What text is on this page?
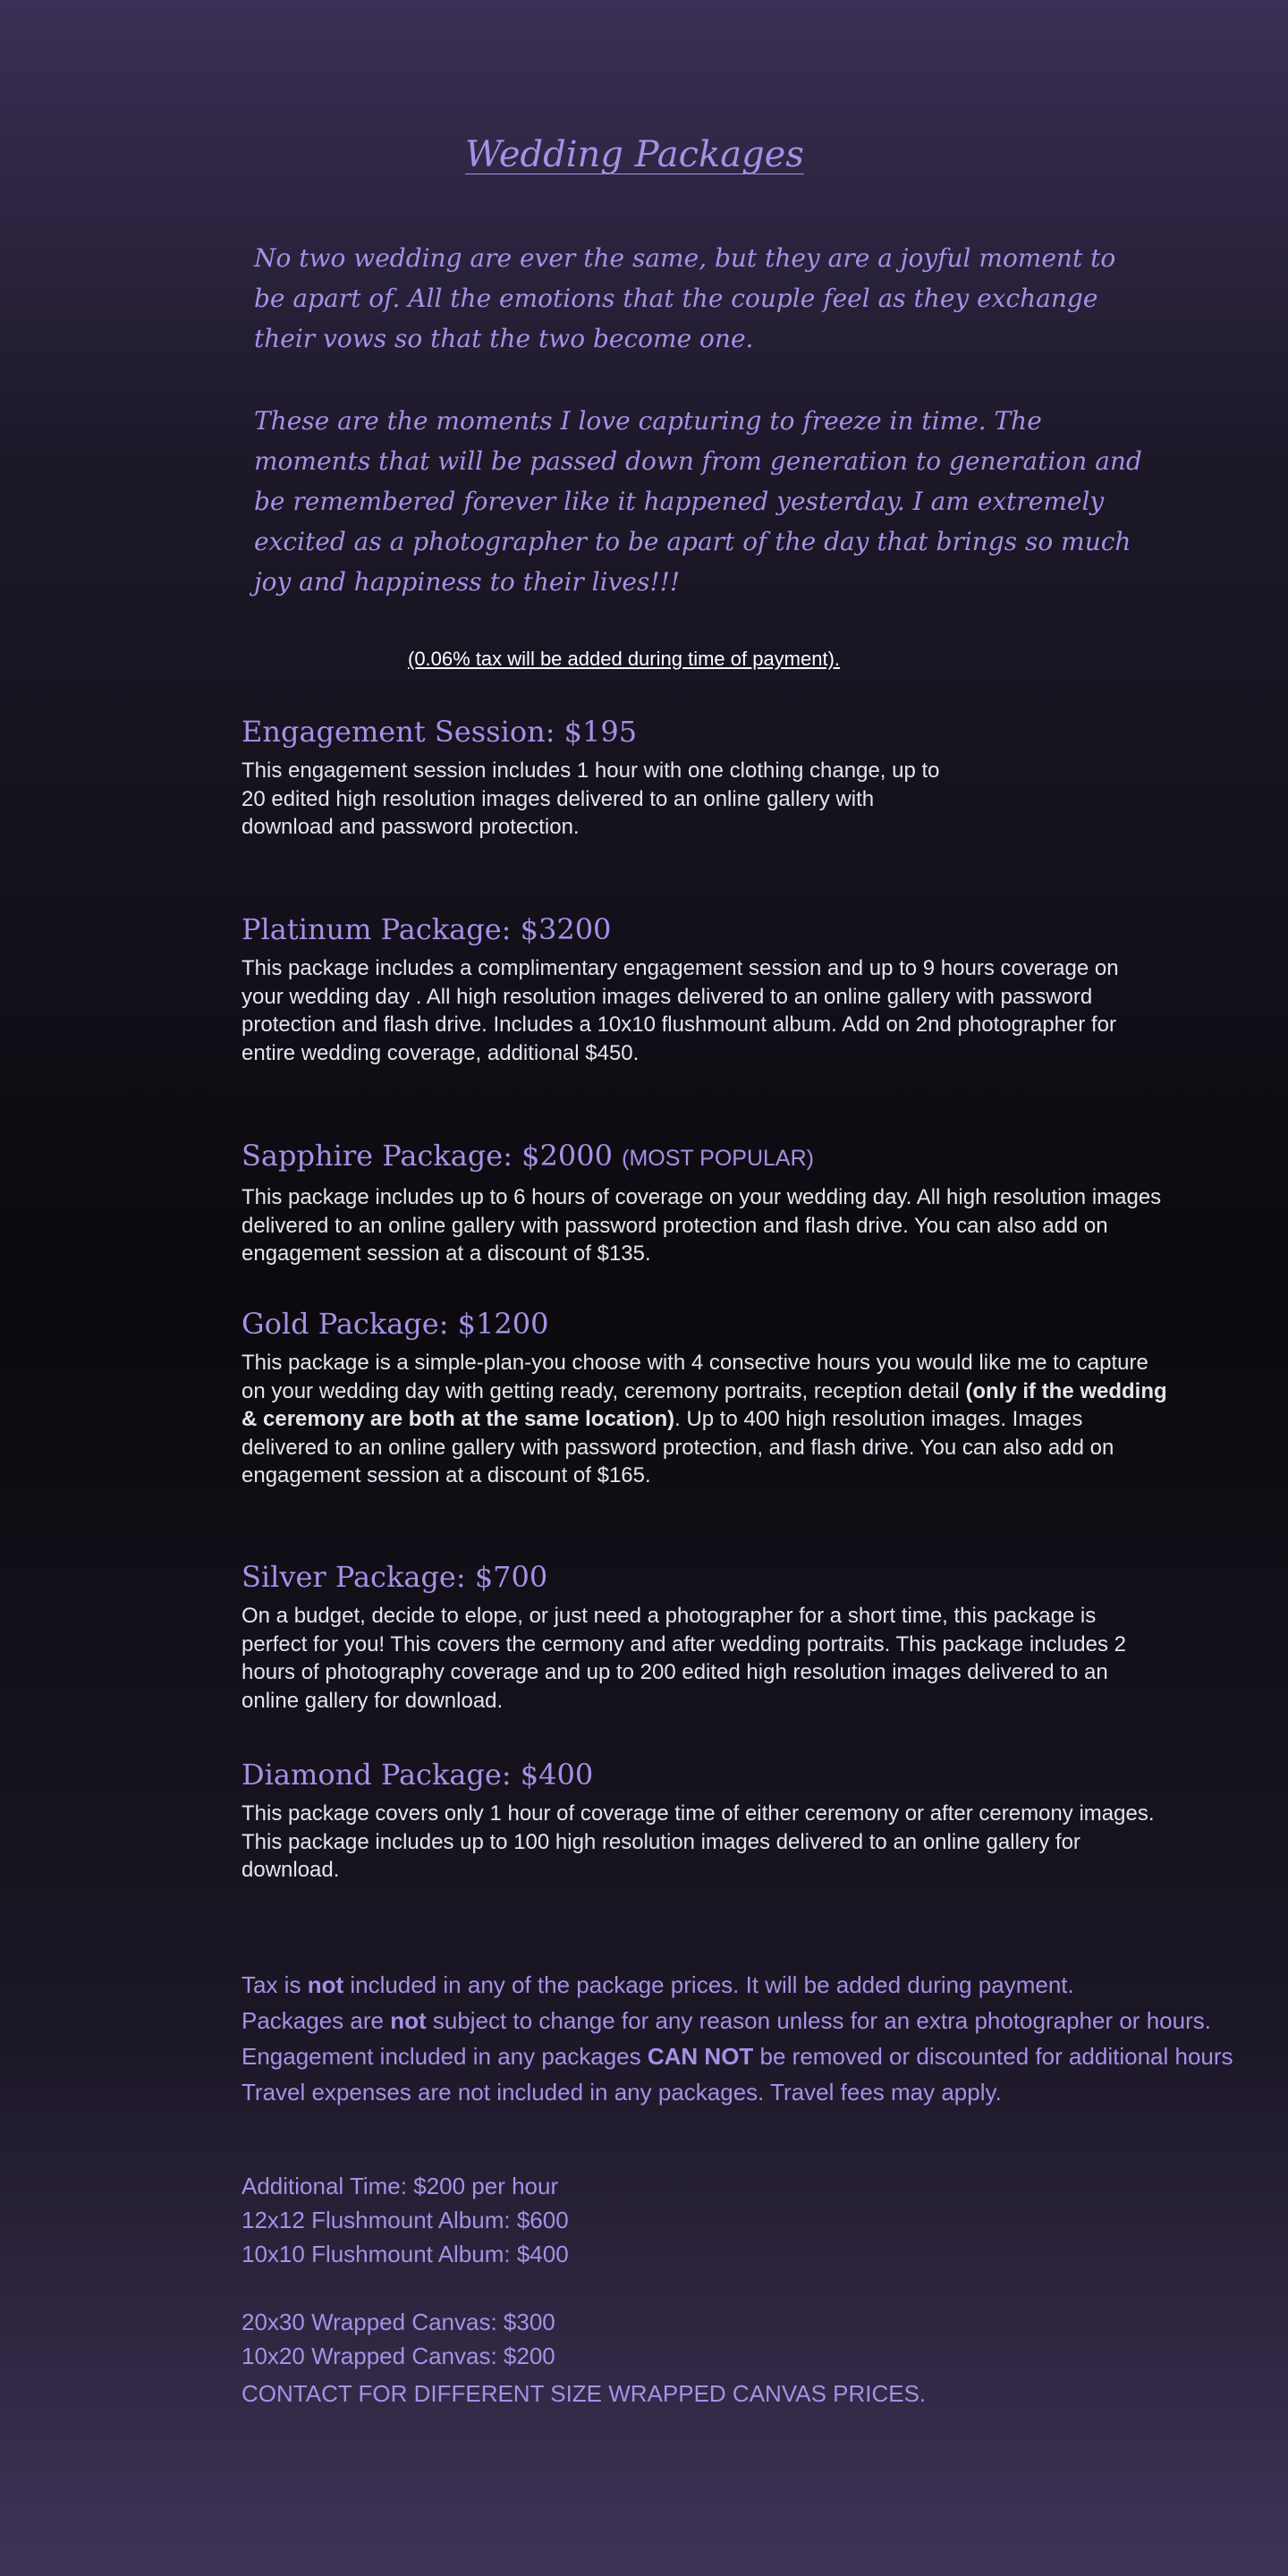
Wedding Packages

No two wedding are ever the same, but they are a joyful moment to be apart of. All the emotions that the couple feel as they exchange their vows so that the two become one.

These are the moments I love capturing to freeze in time. The moments that will be passed down from generation to generation and be remembered forever like it happened yesterday. I am extremely excited as a photographer to be apart of the day that brings so much joy and happiness to their lives!!!

(0.06% tax will be added during time of payment).
Engagement Session: $195

This engagement session includes 1 hour with one clothing change, up to 20 edited high resolution images delivered to an online gallery with download and password protection.

Platinum Package: $3200

This package includes a complimentary engagement session and up to 9 hours coverage on your wedding day . All high resolution images delivered to an online gallery with password protection and flash drive. Includes a 10x10 flushmount album. Add on 2nd photographer for entire wedding coverage, additional $450.

Sapphire Package: $2000 (MOST POPULAR)

This package includes up to 6 hours of coverage on your wedding day. All high resolution images delivered to an online gallery with password protection and flash drive. You can also add on engagement session at a discount of $135.

Gold Package: $1200

This package is a simple-plan-you choose with 4 consective hours you would like me to capture on your wedding day with getting ready, ceremony portraits, reception detail (only if the wedding & ceremony are both at the same location). Up to 400 high resolution images. Images delivered to an online gallery with password protection, and flash drive. You can also add on engagement session at a discount of $165.

Silver Package: $700

On a budget, decide to elope, or just need a photographer for a short time, this package is perfect for you! This covers the cermony and after wedding portraits. This package includes 2 hours of photography coverage and up to 200 edited high resolution images delivered to an online gallery for download.

Diamond Package: $400

This package covers only 1 hour of coverage time of either ceremony or after ceremony images. This package includes up to 100 high resolution images delivered to an online gallery for download.

Tax is not included in any of the package prices. It will be added during payment.

Packages are not subject to change for any reason unless for an extra photographer or hours.

Engagement included in any packages CAN NOT be removed or discounted for additional hours

Travel expenses are not included in any packages. Travel fees may apply.

Additional Time: $200 per hour

12x12 Flushmount Album: $600

10x10 Flushmount Album: $400

20x30 Wrapped Canvas: $300

10x20 Wrapped Canvas: $200

CONTACT FOR DIFFERENT SIZE WRAPPED CANVAS PRICES.
